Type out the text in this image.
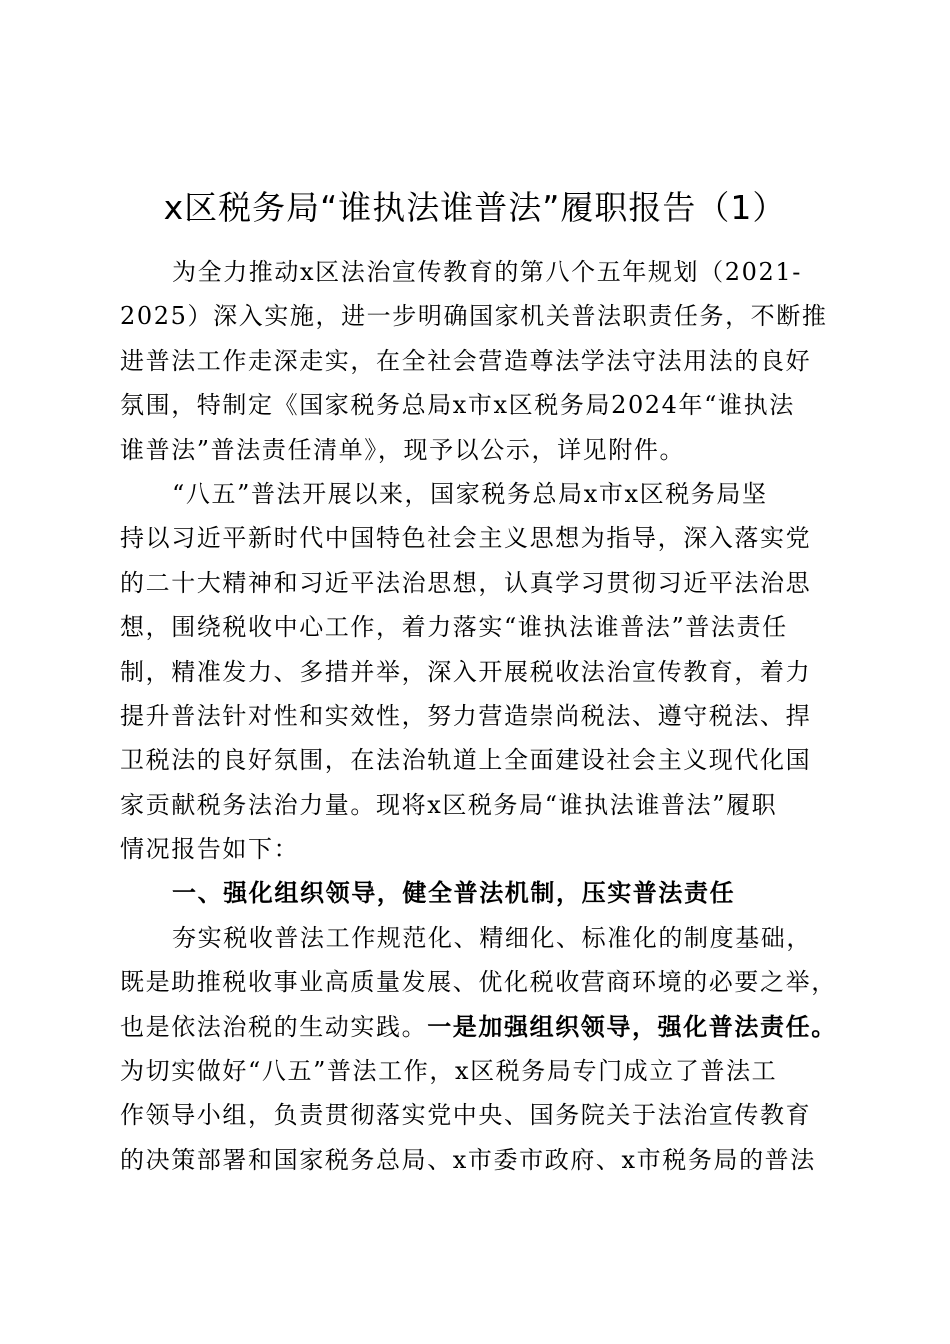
x区税务局“谁执法谁普法”履职报告（1）
为全力推动x区法治宣传教育的第八个五年规划（2021-
2025）深入实施，进一步明确国家机关普法职责任务，不断推
进普法工作走深走实，在全社会营造尊法学法守法用法的良好
氛围，特制定《国家税务总局x市x区税务局2024年“谁执法
谁普法”普法责任清单》，现予以公示，详见附件。
“八五”普法开展以来，国家税务总局x市x区税务局坚
持以习近平新时代中国特色社会主义思想为指导，深入落实党
的二十大精神和习近平法治思想，认真学习贯彻习近平法治思
想，围绕税收中心工作，着力落实“谁执法谁普法”普法责任
制，精准发力、多措并举，深入开展税收法治宣传教育，着力
提升普法针对性和实效性，努力营造崇尚税法、遵守税法、捍
卫税法的良好氛围，在法治轨道上全面建设社会主义现代化国
家贡献税务法治力量。现将x区税务局“谁执法谁普法”履职
情况报告如下：
一、强化组织领导，健全普法机制，压实普法责任
夯实税收普法工作规范化、精细化、标准化的制度基础，
既是助推税收事业高质量发展、优化税收营商环境的必要之举，
也是依法治税的生动实践。一是加强组织领导，强化普法责任。
为切实做好“八五”普法工作，x区税务局专门成立了普法工
作领导小组，负责贯彻落实党中央、国务院关于法治宣传教育
的决策部署和国家税务总局、x市委市政府、x市税务局的普法
